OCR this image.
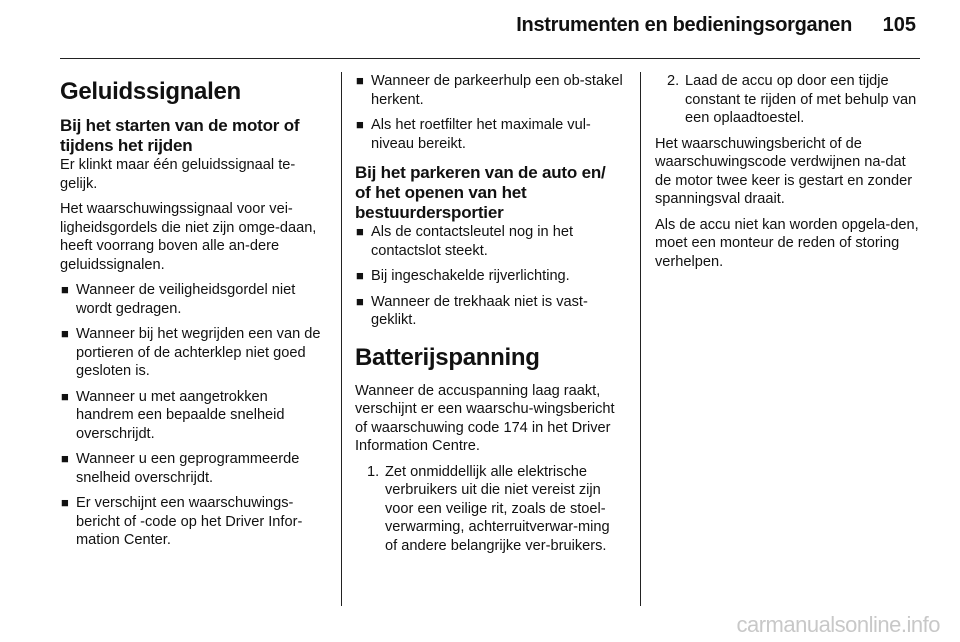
Instrumenten en bedieningsorganen 105
Geluidssignalen
Bij het starten van de motor of tijdens het rijden

Er klinkt maar één geluidssignaal te-gelijk.

Het waarschuwingssignaal voor vei-ligheidsgordels die niet zijn omge-daan, heeft voorrang boven alle an-dere geluidssignalen.

■ Wanneer de veiligheidsgordel niet wordt gedragen.
■ Wanneer bij het wegrijden een van de portieren of de achterklep niet goed gesloten is.
■ Wanneer u met aangetrokken handrem een bepaalde snelheid overschrijdt.
■ Wanneer u een geprogrammeerde snelheid overschrijdt.
■ Er verschijnt een waarschuwings-bericht of -code op het Driver Infor-mation Center.
■ Wanneer de parkeerhulp een ob-stakel herkent.
■ Als het roetfilter het maximale vul-niveau bereikt.
Bij het parkeren van de auto en/ of het openen van het bestuurdersportier
■ Als de contactsleutel nog in het contactslot steekt.
■ Bij ingeschakelde rijverlichting.
■ Wanneer de trekhaak niet is vast-geklikt.
Batterijspanning

Wanneer de accuspanning laag raakt, verschijnt er een waarschu-wingsbericht of waarschuwing code 174 in het Driver Information Centre.

1. Zet onmiddellijk alle elektrische verbruikers uit die niet vereist zijn voor een veilige rit, zoals de stoel-verwarming, achterruitverwar-ming of andere belangrijke ver-bruikers.
2. Laad de accu op door een tijdje constant te rijden of met behulp van een oplaadtoestel.

Het waarschuwingsbericht of de waarschuwingscode verdwijnen na-dat de motor twee keer is gestart en zonder spanningsval draait.

Als de accu niet kan worden opgela-den, moet een monteur de reden of storing verhelpen.

carmanualsonline.info
